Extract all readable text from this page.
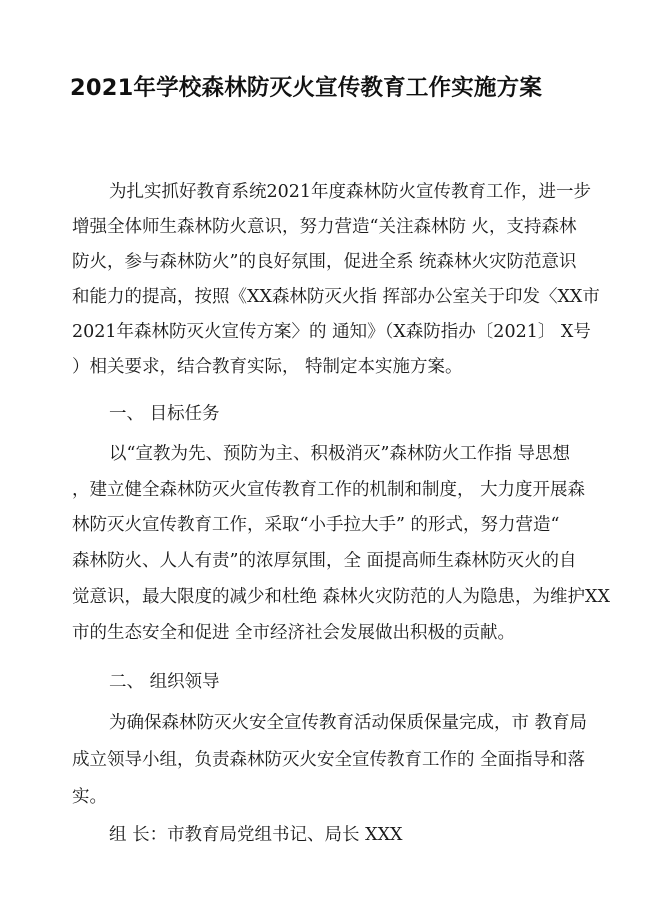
2021年学校森林防灭火宣传教育工作实施方案
为扎实抓好教育系统2021年度森林防火宣传教育工作，进一步
增强全体师生森林防火意识，努力营造“关注森林防 火，支持森林
防火，参与森林防火”的良好氛围，促进全系 统森林火灾防范意识
和能力的提高，按照《XX森林防灭火指 挥部办公室关于印发〈XX市
2021年森林防灭火宣传方案〉的 通知》（X森防指办〔2021〕 X号
）相关要求，结合教育实际， 特制定本实施方案。
一、 目标任务
以“宣教为先、预防为主、积极消灭”森林防火工作指 导思想
，建立健全森林防灭火宣传教育工作的机制和制度， 大力度开展森
林防灭火宣传教育工作，采取“小手拉大手” 的形式，努力营造“
森林防火、人人有责”的浓厚氛围，全 面提高师生森林防灭火的自
觉意识，最大限度的减少和杜绝 森林火灾防范的人为隐患，为维护XX
市的生态安全和促进 全市经济社会发展做出积极的贡献。
二、 组织领导
为确保森林防灭火安全宣传教育活动保质保量完成，市 教育局
成立领导小组，负责森林防灭火安全宣传教育工作的 全面指导和落
实。
组 长：市教育局党组书记、局长 XXX
